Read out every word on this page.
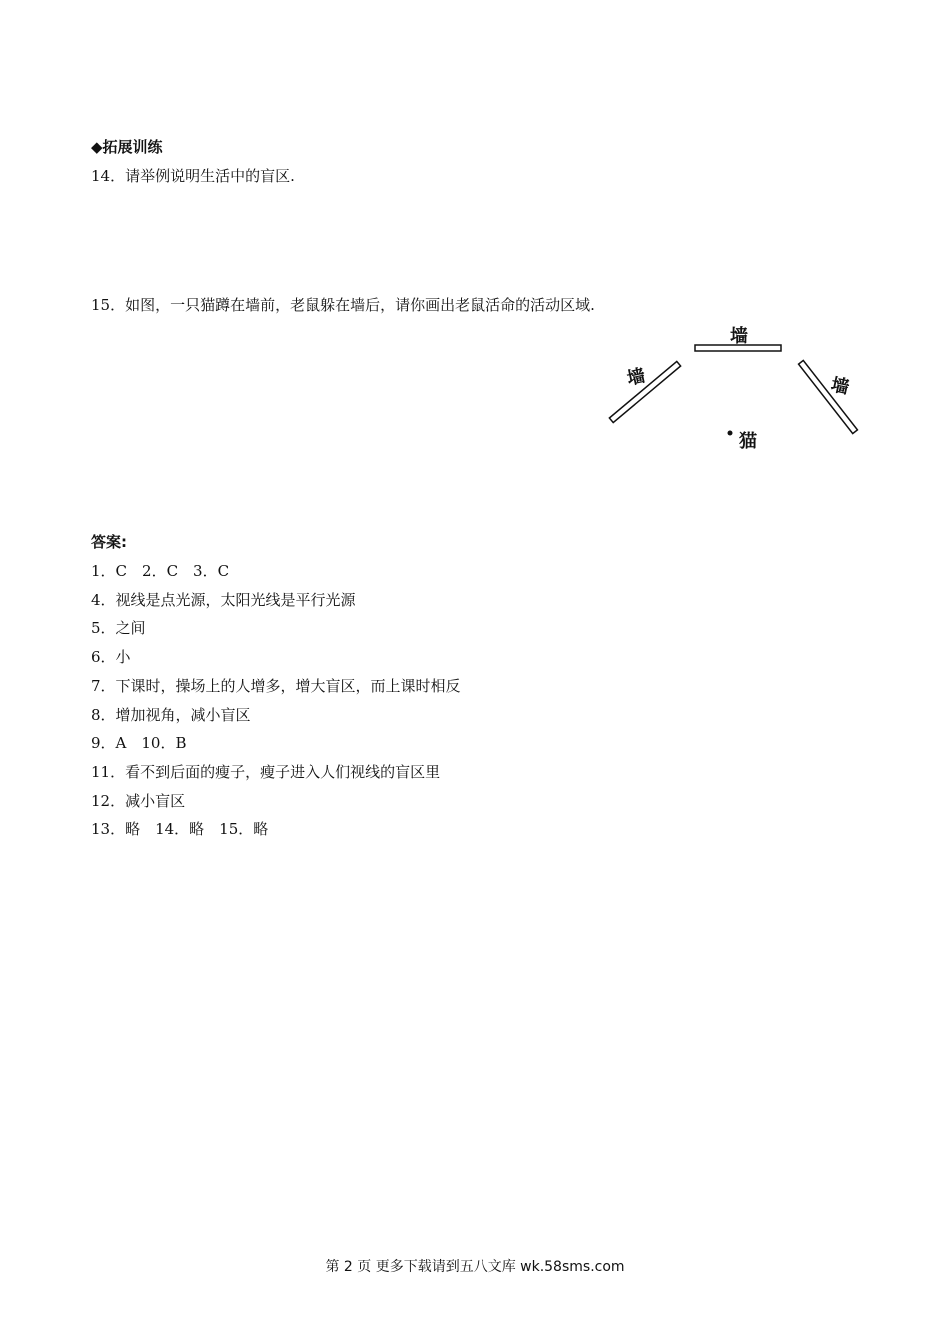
◆拓展训练
14．请举例说明生活中的盲区.
15．如图，一只猫蹲在墙前，老鼠躲在墙后，请你画出老鼠活命的活动区域.
墙
墙	墙
猫
答案:
1．C　2．C　3．C
4．视线是点光源，太阳光线是平行光源
5．之间
6．小
7．下课时，操场上的人增多，增大盲区，而上课时相反
8．增加视角，减小盲区
9．A　10．B
11．看不到后面的瘦子，瘦子进入人们视线的盲区里
12．减小盲区
13．略　14．略　15．略
第 2 页 更多下载请到五八文库 wk.58sms.com
